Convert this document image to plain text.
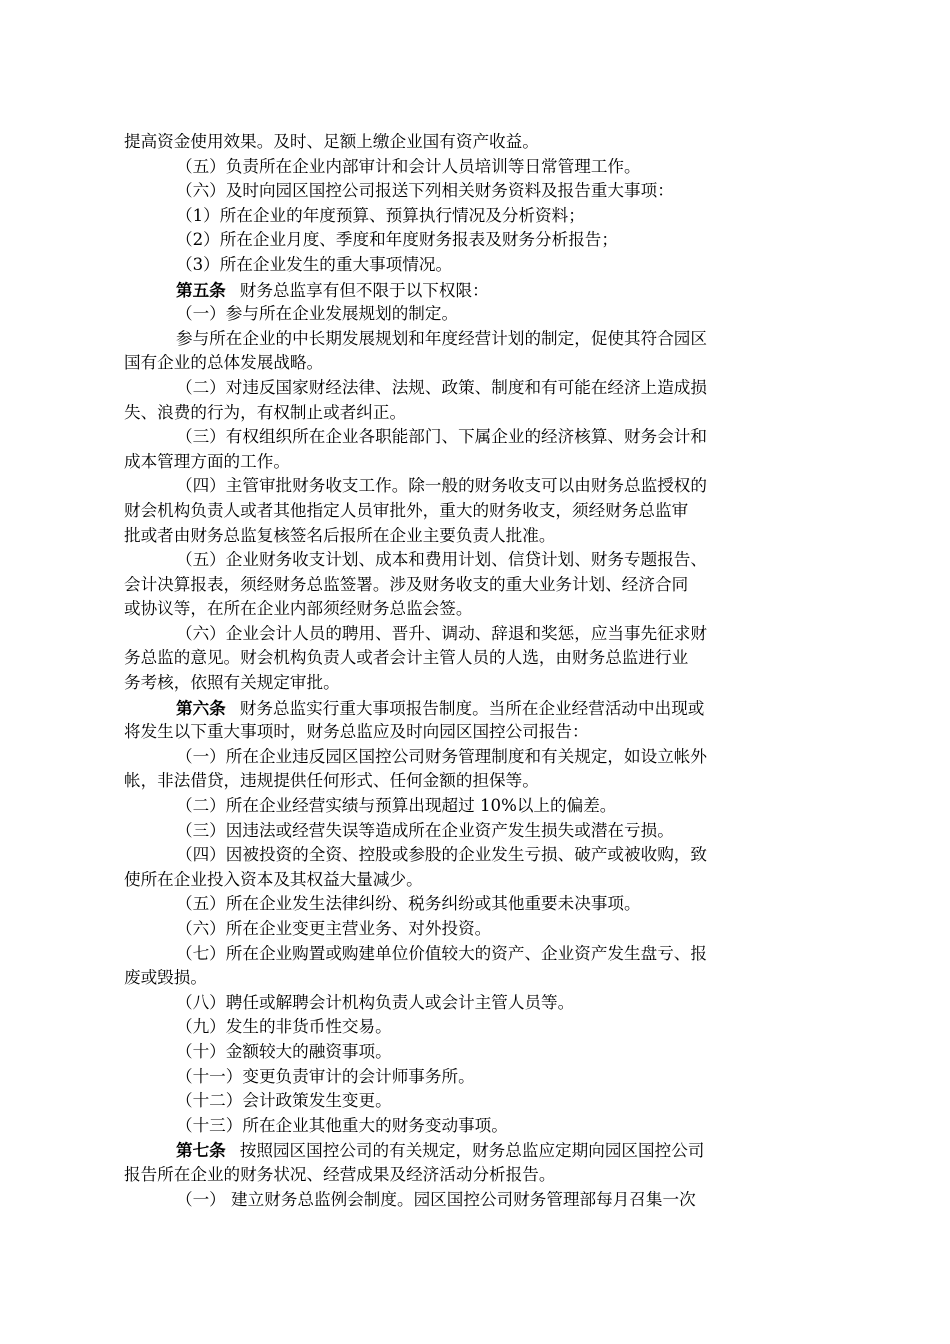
提高资金使用效果。及时、足额上缴企业国有资产收益。
（五）负责所在企业内部审计和会计人员培训等日常管理工作。
（六）及时向园区国控公司报送下列相关财务资料及报告重大事项：
（1）所在企业的年度预算、预算执行情况及分析资料；
（2）所在企业月度、季度和年度财务报表及财务分析报告；
（3）所在企业发生的重大事项情况。
第五条 财务总监享有但不限于以下权限：
（一）参与所在企业发展规划的制定。
参与所在企业的中长期发展规划和年度经营计划的制定，促使其符合园区
国有企业的总体发展战略。
（二）对违反国家财经法律、法规、政策、制度和有可能在经济上造成损
失、浪费的行为，有权制止或者纠正。
（三）有权组织所在企业各职能部门、下属企业的经济核算、财务会计和
成本管理方面的工作。
（四）主管审批财务收支工作。除一般的财务收支可以由财务总监授权的
财会机构负责人或者其他指定人员审批外，重大的财务收支，须经财务总监审
批或者由财务总监复核签名后报所在企业主要负责人批准。
（五）企业财务收支计划、成本和费用计划、信贷计划、财务专题报告、
会计决算报表，须经财务总监签署。涉及财务收支的重大业务计划、经济合同
或协议等，在所在企业内部须经财务总监会签。
（六）企业会计人员的聘用、晋升、调动、辞退和奖惩，应当事先征求财
务总监的意见。财会机构负责人或者会计主管人员的人选，由财务总监进行业
务考核，依照有关规定审批。
第六条 财务总监实行重大事项报告制度。当所在企业经营活动中出现或
将发生以下重大事项时，财务总监应及时向园区国控公司报告：
（一）所在企业违反园区国控公司财务管理制度和有关规定，如设立帐外
帐，非法借贷，违规提供任何形式、任何金额的担保等。
（二）所在企业经营实绩与预算出现超过 10%以上的偏差。
（三）因违法或经营失误等造成所在企业资产发生损失或潜在亏损。
（四）因被投资的全资、控股或参股的企业发生亏损、破产或被收购，致
使所在企业投入资本及其权益大量减少。
（五）所在企业发生法律纠纷、税务纠纷或其他重要未决事项。
（六）所在企业变更主营业务、对外投资。
（七）所在企业购置或购建单位价值较大的资产、企业资产发生盘亏、报
废或毁损。
（八）聘任或解聘会计机构负责人或会计主管人员等。
（九）发生的非货币性交易。
（十）金额较大的融资事项。
（十一）变更负责审计的会计师事务所。
（十二）会计政策发生变更。
（十三）所在企业其他重大的财务变动事项。
第七条 按照园区国控公司的有关规定，财务总监应定期向园区国控公司
报告所在企业的财务状况、经营成果及经济活动分析报告。
（一） 建立财务总监例会制度。园区国控公司财务管理部每月召集一次
